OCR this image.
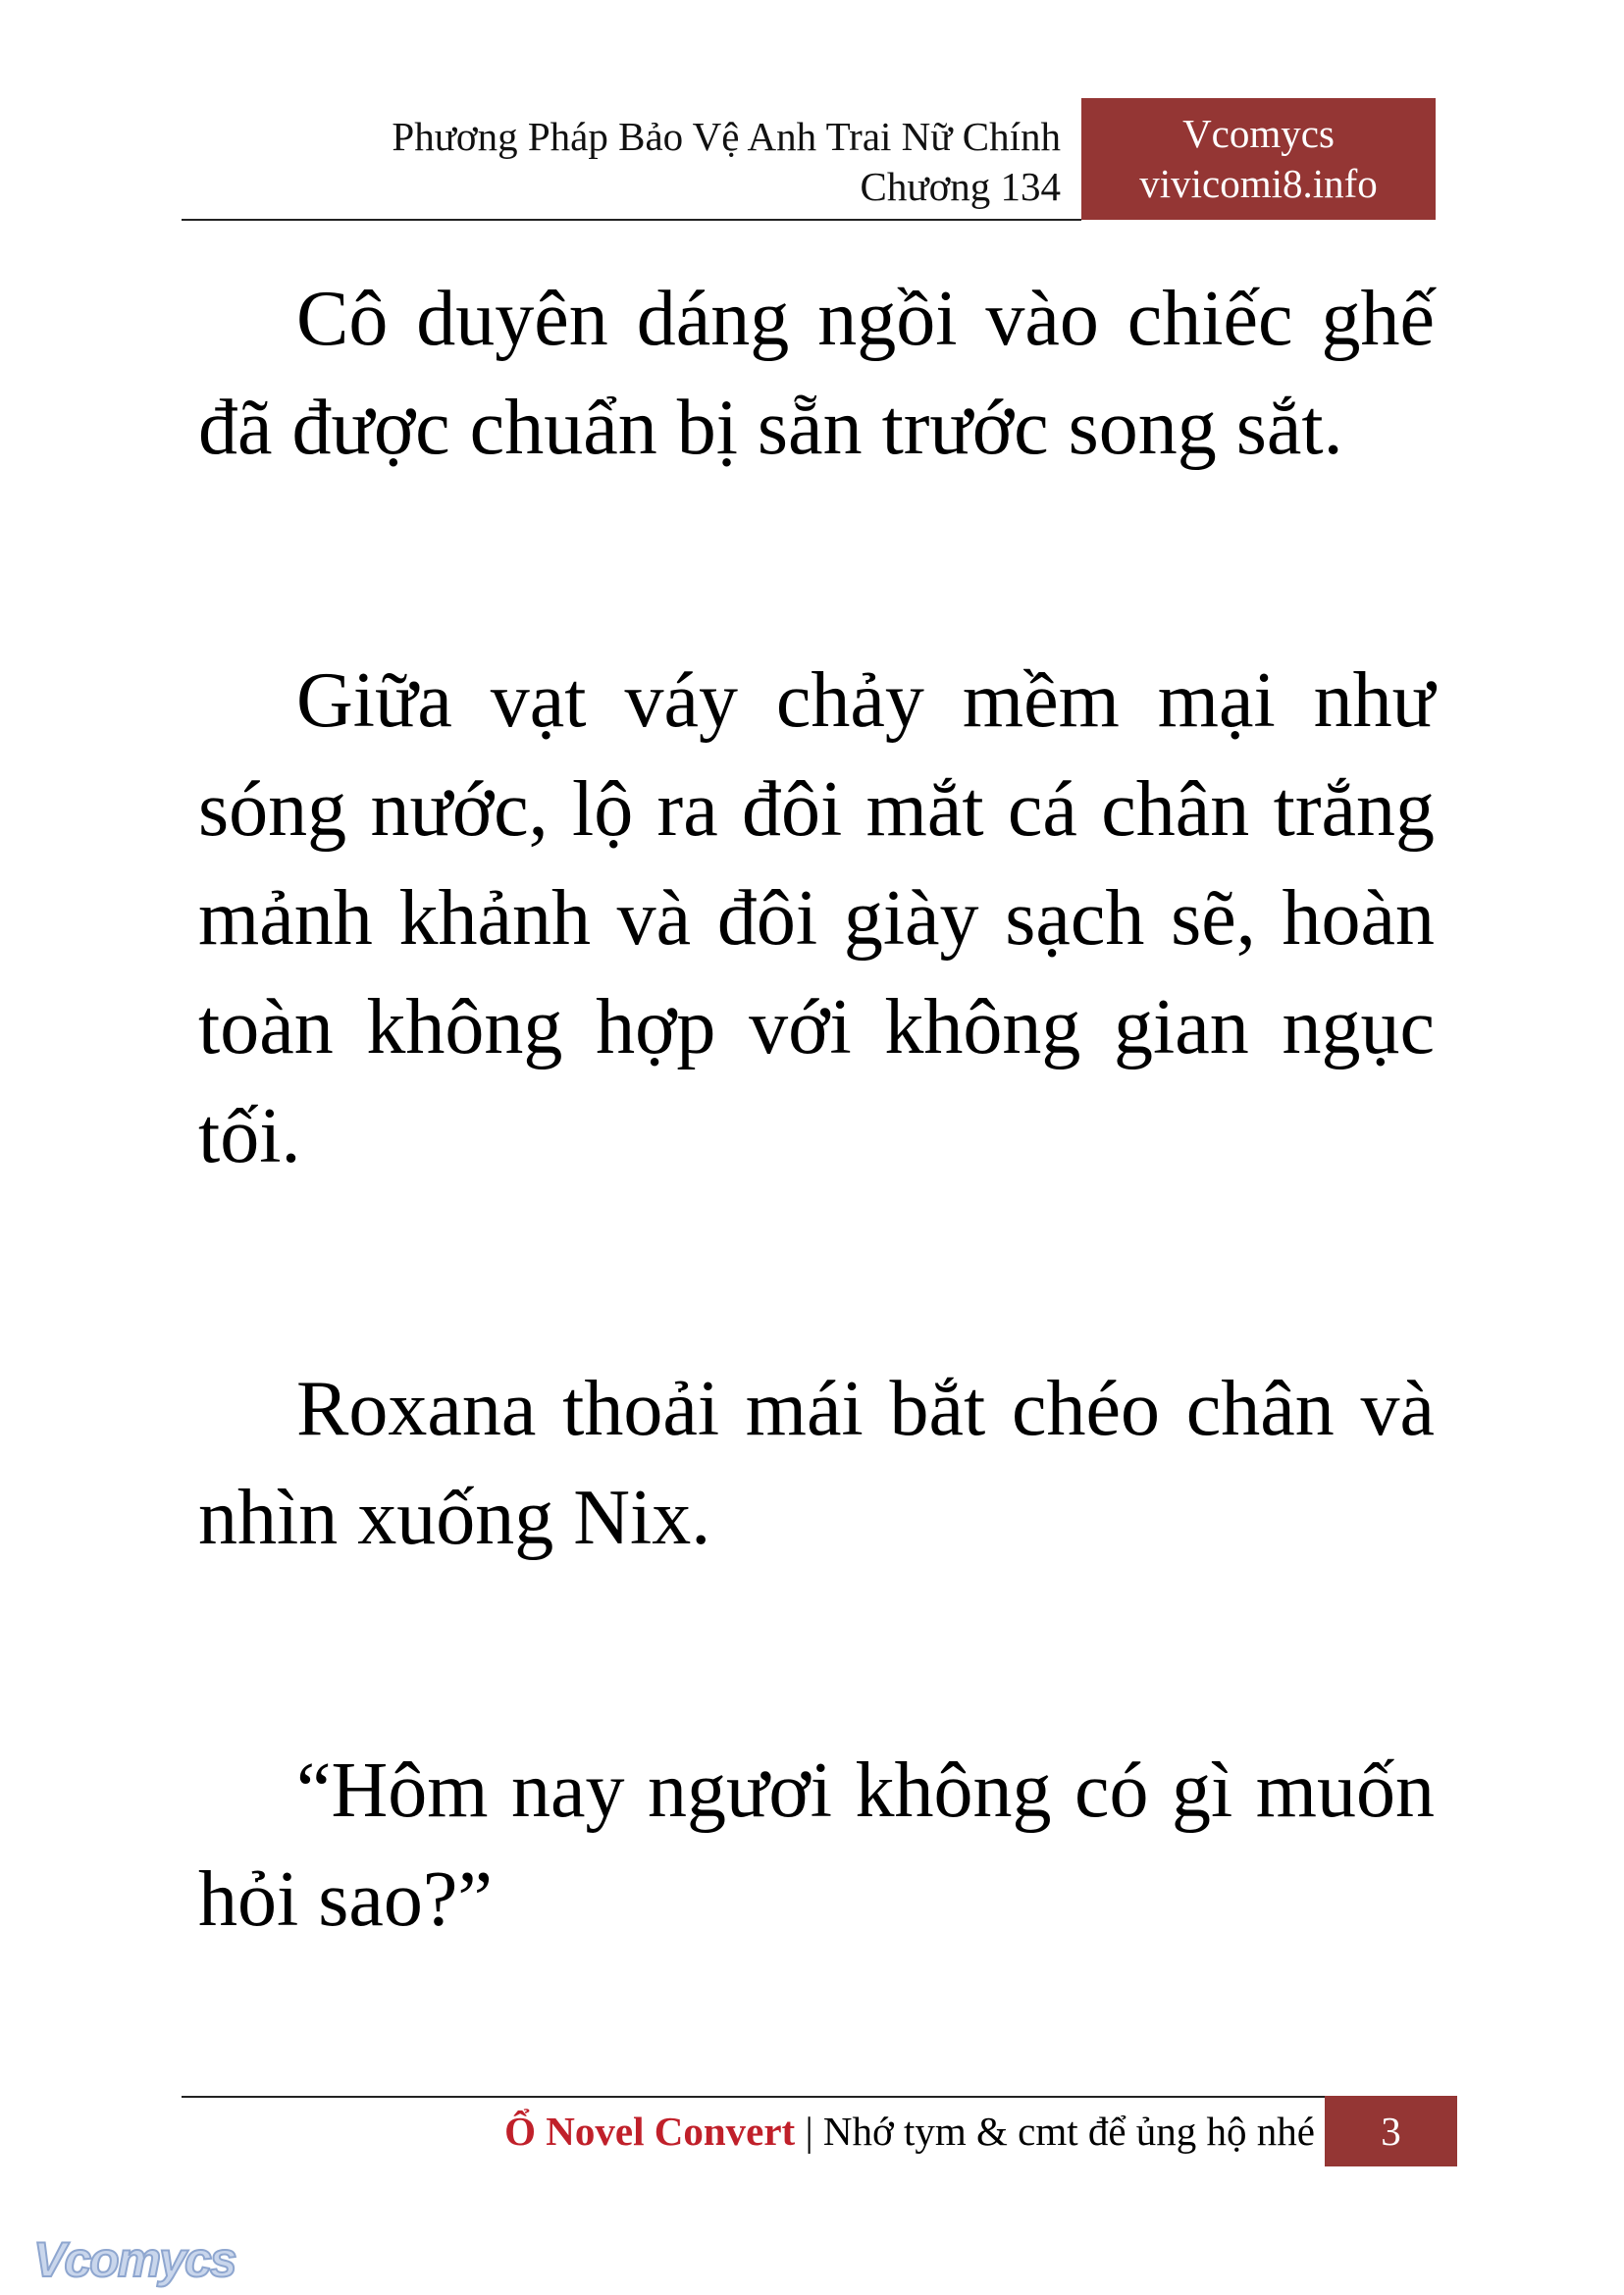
Phương Pháp Bảo Vệ Anh Trai Nữ Chính
Chương 134
Vcomycs
vivicomi8.info

Cô duyên dáng ngồi vào chiếc ghế đã được chuẩn bị sẵn trước song sắt.

Giữa vạt váy chảy mềm mại như sóng nước, lộ ra đôi mắt cá chân trắng mảnh khảnh và đôi giày sạch sẽ, hoàn toàn không hợp với không gian ngục tối.

Roxana thoải mái bắt chéo chân và nhìn xuống Nix.

“Hôm nay ngươi không có gì muốn hỏi sao?”

Ổ Novel Convert | Nhớ tym & cmt để ủng hộ nhé	3
Vcomycs
